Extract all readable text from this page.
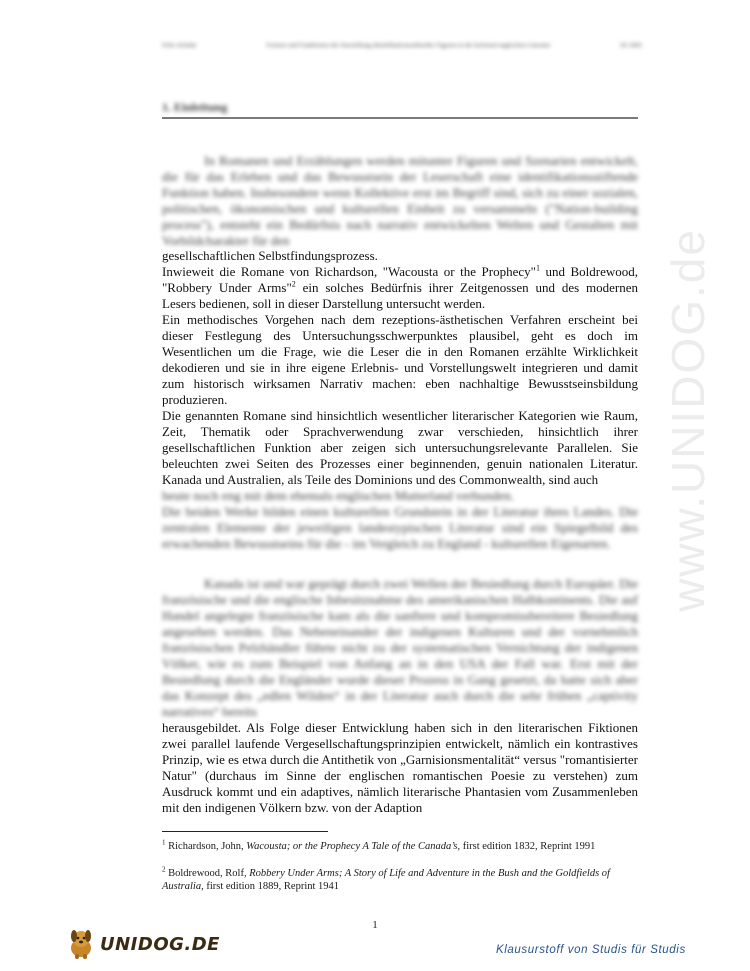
www.UNIDOG.de
Felix Schulte	Formen und Funktionen der Darstellung identifikationsstiftender Figuren in der kolonial-englischen Literatur	SS 2005
1. Einleitung

In Romanen und Erzählungen werden mitunter Figuren und Szenarien entwickelt, die für das Erleben und das Bewusstsein der Leserschaft eine identifikationsstiftende Funktion haben. Insbesondere wenn Kollektive erst im Begriff sind, sich zu einer sozialen, politischen, ökonomischen und kulturellen Einheit zu versammeln ("Nation-building process"), entsteht ein Bedürfnis nach narrativ entwickelten Welten und Gestalten mit Vorbildcharakter für den

gesellschaftlichen Selbstfindungsprozess.

Inwieweit die Romane von Richardson, "Wacousta or the Prophecy"$^1$ und Boldrewood, "Robbery Under Arms"$^2$ ein solches Bedürfnis ihrer Zeitgenossen und des modernen Lesers bedienen, soll in dieser Darstellung untersucht werden.

Ein methodisches Vorgehen nach dem rezeptions-ästhetischen Verfahren erscheint bei dieser Festlegung des Untersuchungsschwerpunktes plausibel, geht es doch im Wesentlichen um die Frage, wie die Leser die in den Romanen erzählte Wirklichkeit dekodieren und sie in ihre eigene Erlebnis- und Vorstellungswelt integrieren und damit zum historisch wirksamen Narrativ machen: eben nachhaltige Bewusstseinsbildung produzieren.

Die genannten Romane sind hinsichtlich wesentlicher literarischer Kategorien wie Raum, Zeit, Thematik oder Sprachverwendung zwar verschieden, hinsichtlich ihrer gesellschaftlichen Funktion aber zeigen sich untersuchungsrelevante Parallelen. Sie beleuchten zwei Seiten des Prozesses einer beginnenden, genuin nationalen Literatur. Kanada und Australien, als Teile des Dominions und des Commonwealth, sind auch

heute noch eng mit dem ehemals englischen Mutterland verbunden.

Die beiden Werke bilden einen kulturellen Grundstein in der Literatur ihres Landes. Die zentralen Elemente der jeweiligen landestypischen Literatur sind ein Spiegelbild des erwachenden Bewusstseins für die - im Vergleich zu England - kulturellen Eigenarten.

Kanada ist und war geprägt durch zwei Wellen der Besiedlung durch Europäer. Die französische und die englische Inbesitznahme des amerikanischen Halbkontinents. Die auf Handel angelegte französische kam als die sanftere und kompromissbereitere Besiedlung angesehen werden. Das Nebeneinander der indigenen Kulturen und der vornehmlich französischen Pelzhändler führte nicht zu der systematischen Vernichtung der indigenen Völker, wie es zum Beispiel von Anfang an in den USA der Fall war. Erst mit der Besiedlung durch die Engländer wurde dieser Prozess in Gang gesetzt, da hatte sich aber das Konzept des „edlen Wilden“ in der Literatur auch durch die sehr frühen „captivity narratives“ bereits

herausgebildet. Als Folge dieser Entwicklung haben sich in den literarischen Fiktionen zwei parallel laufende Vergesellschaftungsprinzipien entwickelt, nämlich ein kontrastives Prinzip, wie es etwa durch die Antithetik von „Garnisionsmentalität“ versus "romantisierter Natur" (durchaus im Sinne der englischen romantischen Poesie zu verstehen) zum Ausdruck kommt und ein adaptives, nämlich literarische Phantasien vom Zusammenleben mit den indigenen Völkern bzw. von der Adaption

$^1$ Richardson, John, Wacousta; or the Prophecy A Tale of the Canada’s, first edition 1832, Reprint 1991

$^2$ Boldrewood, Rolf, Robbery Under Arms; A Story of Life and Adventure in the Bush and the Goldfields of Australia, first edition 1889, Reprint 1941

1
UNIDOG.DE	Klausurstoff von Studis für Studis
